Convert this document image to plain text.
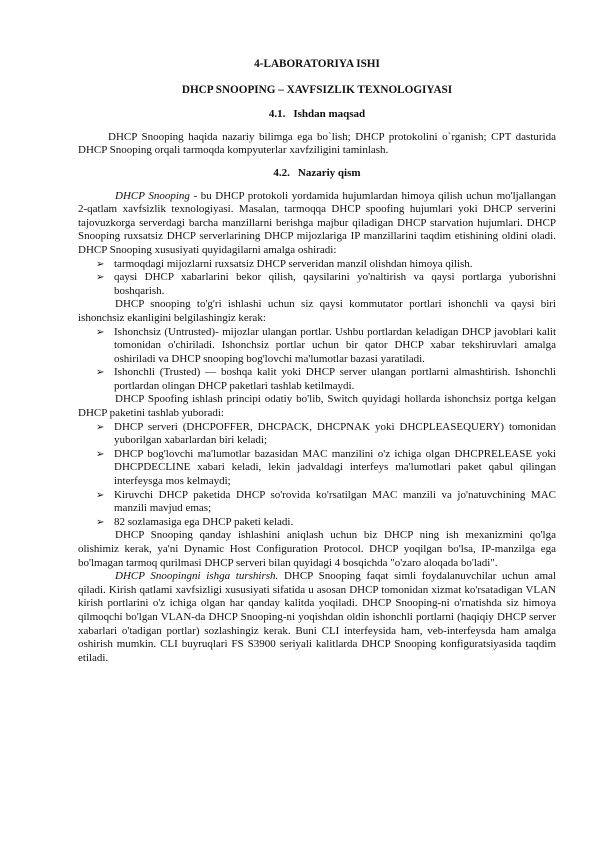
4-LABORATORIYA ISHI
DHCP SNOOPING – XAVFSIZLIK TEXNOLOGIYASI
4.1. Ishdan maqsad

DHCP Snooping haqida nazariy bilimga ega bo`lish; DHCP protokolini o`rganish; CPT dasturida DHCP Snooping orqali tarmoqda kompyuterlar xavfziligini taminlash.

4.2. Nazariy qism

DHCP Snooping - bu DHCP protokoli yordamida hujumlardan himoya qilish uchun mo'ljallangan 2-qatlam xavfsizlik texnologiyasi. Masalan, tarmoqqa DHCP spoofing hujumlari yoki DHCP serverini tajovuzkorga serverdagi barcha manzillarni berishga majbur qiladigan DHCP starvation hujumlari. DHCP Snooping ruxsatsiz DHCP serverlarining DHCP mijozlariga IP manzillarini taqdim etishining oldini oladi. DHCP Snooping xususiyati quyidagilarni amalga oshiradi:

➢ tarmoqdagi mijozlarni ruxsatsiz DHCP serveridan manzil olishdan himoya qilish.
➢ qaysi DHCP xabarlarini bekor qilish, qaysilarini yo'naltirish va qaysi portlarga yuborishni boshqarish.

DHCP snooping to'g'ri ishlashi uchun siz qaysi kommutator portlari ishonchli va qaysi biri ishonchsiz ekanligini belgilashingiz kerak:

➢ Ishonchsiz (Untrusted)- mijozlar ulangan portlar. Ushbu portlardan keladigan DHCP javoblari kalit tomonidan o'chiriladi. Ishonchsiz portlar uchun bir qator DHCP xabar tekshiruvlari amalga oshiriladi va DHCP snooping bog'lovchi ma'lumotlar bazasi yaratiladi.
➢ Ishonchli (Trusted) — boshqa kalit yoki DHCP server ulangan portlarni almashtirish. Ishonchli portlardan olingan DHCP paketlari tashlab ketilmaydi.

DHCP Spoofing ishlash principi odatiy bo'lib, Switch quyidagi hollarda ishonchsiz portga kelgan DHCP paketini tashlab yuboradi:

➢ DHCP serveri (DHCPOFFER, DHCPACK, DHCPNAK yoki DHCPLEASEQUERY) tomonidan yuborilgan xabarlardan biri keladi;
➢ DHCP bog'lovchi ma'lumotlar bazasidan MAC manzilini o'z ichiga olgan DHCPRELEASE yoki DHCPDECLINE xabari keladi, lekin jadvaldagi interfeys ma'lumotlari paket qabul qilingan interfeysga mos kelmaydi;
➢ Kiruvchi DHCP paketida DHCP so'rovida ko'rsatilgan MAC manzili va jo'natuvchining MAC manzili mavjud emas;
➢ 82 sozlamasiga ega DHCP paketi keladi.

DHCP Snooping qanday ishlashini aniqlash uchun biz DHCP ning ish mexanizmini qo'lga olishimiz kerak, ya'ni Dynamic Host Configuration Protocol. DHCP yoqilgan bo'lsa, IP-manzilga ega bo'lmagan tarmoq qurilmasi DHCP serveri bilan quyidagi 4 bosqichda "o'zaro aloqada bo'ladi".

DHCP Snoopingni ishga turshirsh. DHCP Snooping faqat simli foydalanuvchilar uchun amal qiladi. Kirish qatlami xavfsizligi xususiyati sifatida u asosan DHCP tomonidan xizmat ko'rsatadigan VLAN kirish portlarini o'z ichiga olgan har qanday kalitda yoqiladi. DHCP Snooping-ni o'rnatishda siz himoya qilmoqchi bo'lgan VLAN-da DHCP Snooping-ni yoqishdan oldin ishonchli portlarni (haqiqiy DHCP server xabarlari o'tadigan portlar) sozlashingiz kerak. Buni CLI interfeysida ham, veb-interfeysda ham amalga oshirish mumkin. CLI buyruqlari FS S3900 seriyali kalitlarda DHCP Snooping konfiguratsiyasida taqdim etiladi.
